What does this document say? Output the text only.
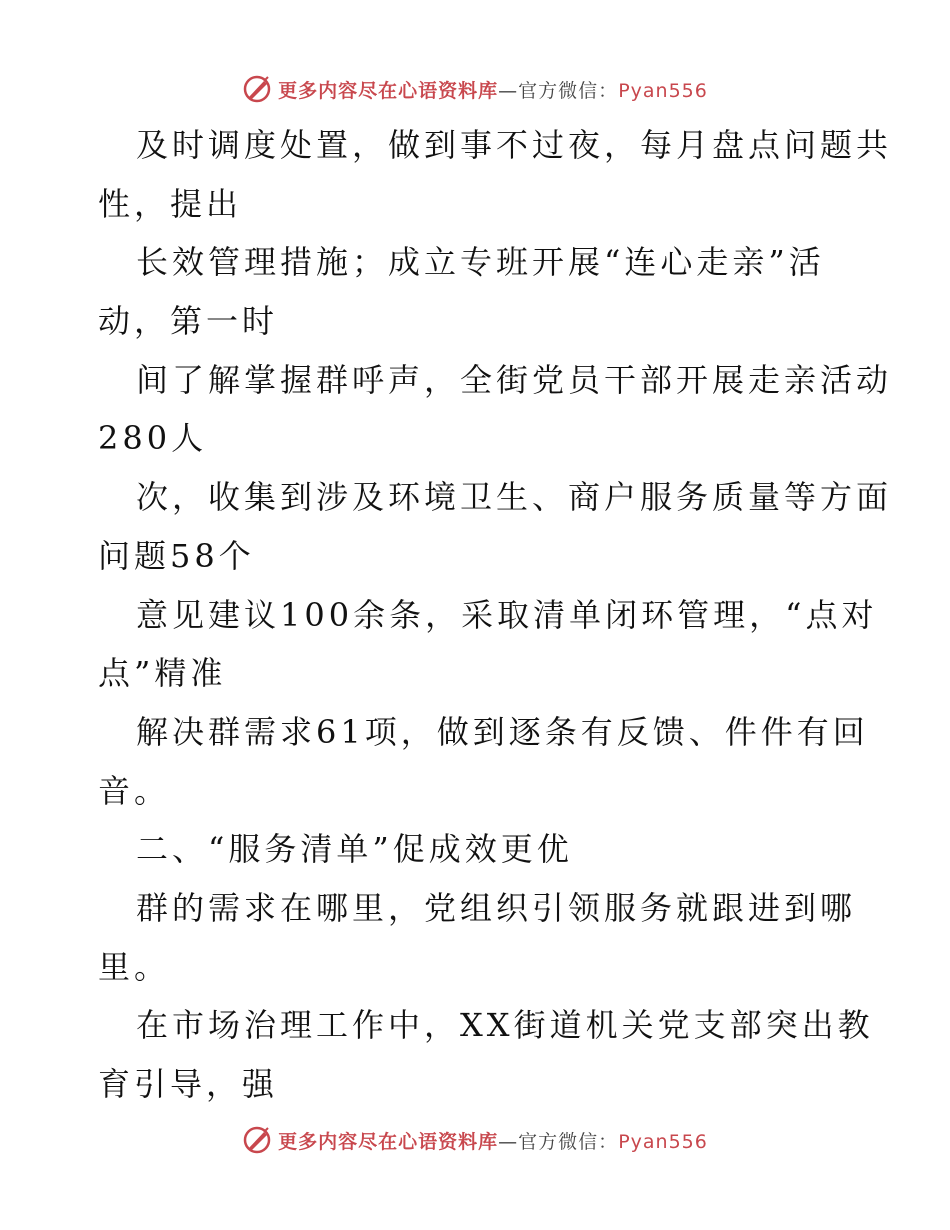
更多内容尽在心语资料库—官方微信：Pyan556
及时调度处置，做到事不过夜，每月盘点问题共
性，提出
长效管理措施；成立专班开展“连心走亲”活
动，第一时
间了解掌握群呼声，全街党员干部开展走亲活动
280人
次，收集到涉及环境卫生、商户服务质量等方面
问题58个
意见建议100余条，采取清单闭环管理，“点对
点”精准
解决群需求61项，做到逐条有反馈、件件有回
音。
二、“服务清单”促成效更优
群的需求在哪里，党组织引领服务就跟进到哪
里。
在市场治理工作中，XX街道机关党支部突出教
育引导，强
更多内容尽在心语资料库—官方微信：Pyan556
